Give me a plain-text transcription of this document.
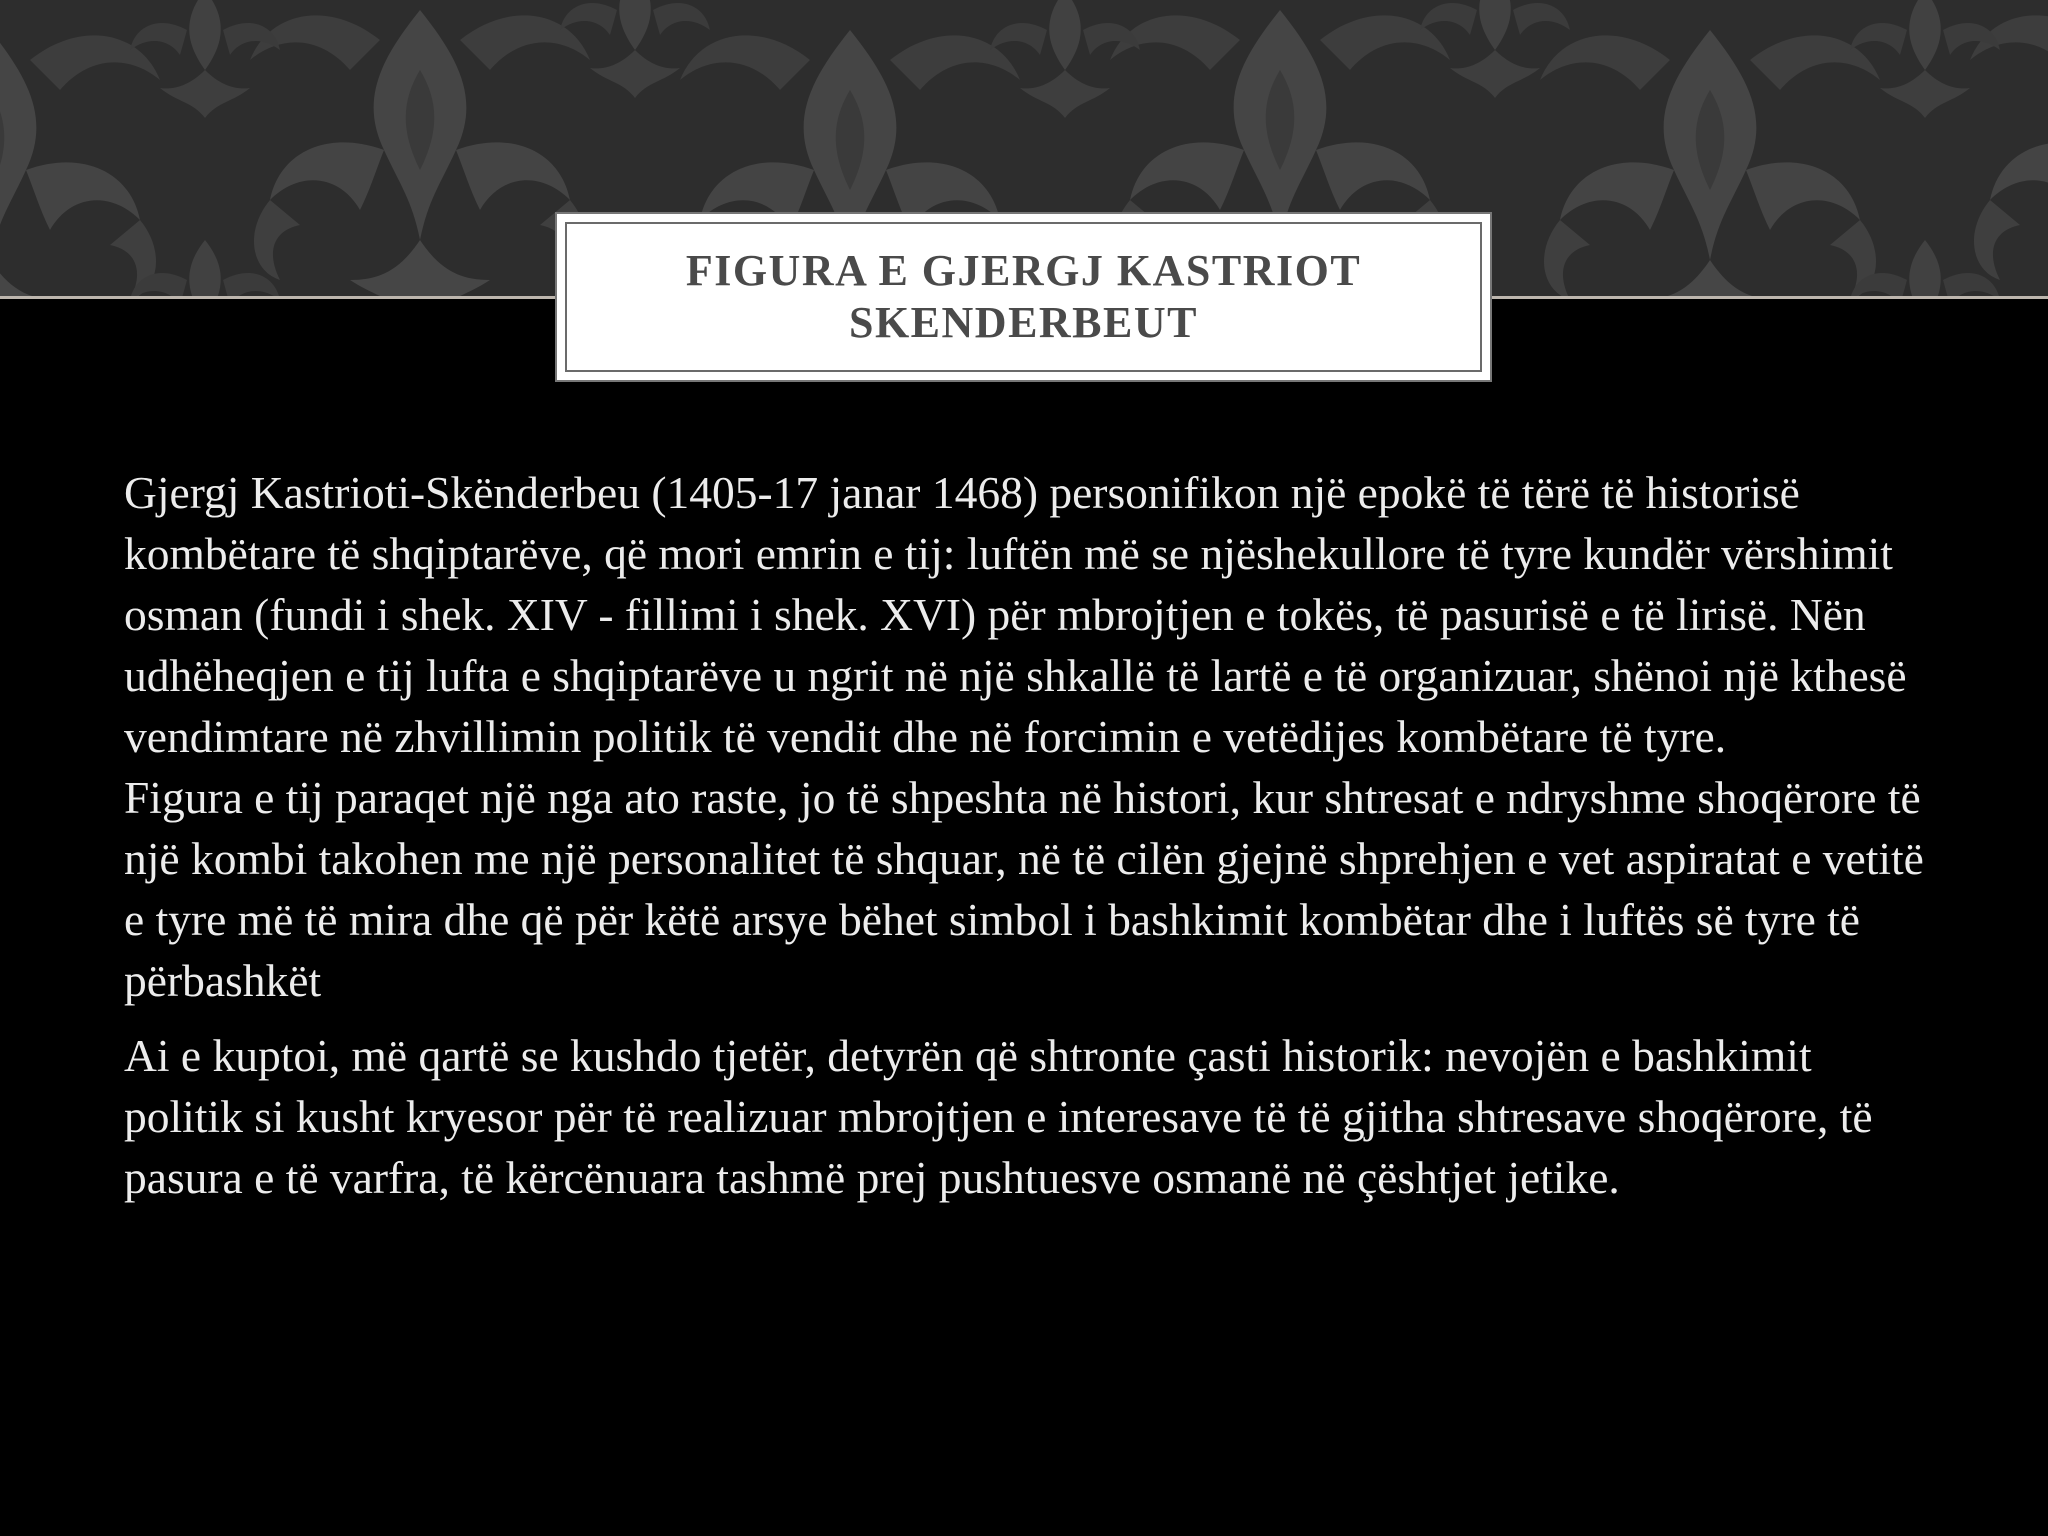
FIGURA E GJERGJ KASTRIOT SKENDERBEUT

Gjergj Kastrioti-Skënderbeu (1405-17 janar 1468) personifikon një epokë të tërë të historisë kombëtare të shqiptarëve, që mori emrin e tij: luftën më se njëshekullore të tyre kundër vërshimit osman (fundi i shek. XIV - fillimi i shek. XVI) për mbrojtjen e tokës, të pasurisë e të lirisë. Nën udhëheqjen e tij lufta e shqiptarëve u ngrit në një shkallë të lartë e të organizuar, shënoi një kthesë vendimtare në zhvillimin politik të vendit dhe në forcimin e vetëdijes kombëtare të tyre.

Figura e tij paraqet një nga ato raste, jo të shpeshta në histori, kur shtresat e ndryshme shoqërore të një kombi takohen me një personalitet të shquar, në të cilën gjejnë shprehjen e vet aspiratat e vetitë e tyre më të mira dhe që për këtë arsye bëhet simbol i bashkimit kombëtar dhe i luftës së tyre të përbashkët

Ai e kuptoi, më qartë se kushdo tjetër, detyrën që shtronte çasti historik: nevojën e bashkimit politik si kusht kryesor për të realizuar mbrojtjen e interesave të të gjitha shtresave shoqërore, të pasura e të varfra, të kërcënuara tashmë prej pushtuesve osmanë në çështjet jetike.
